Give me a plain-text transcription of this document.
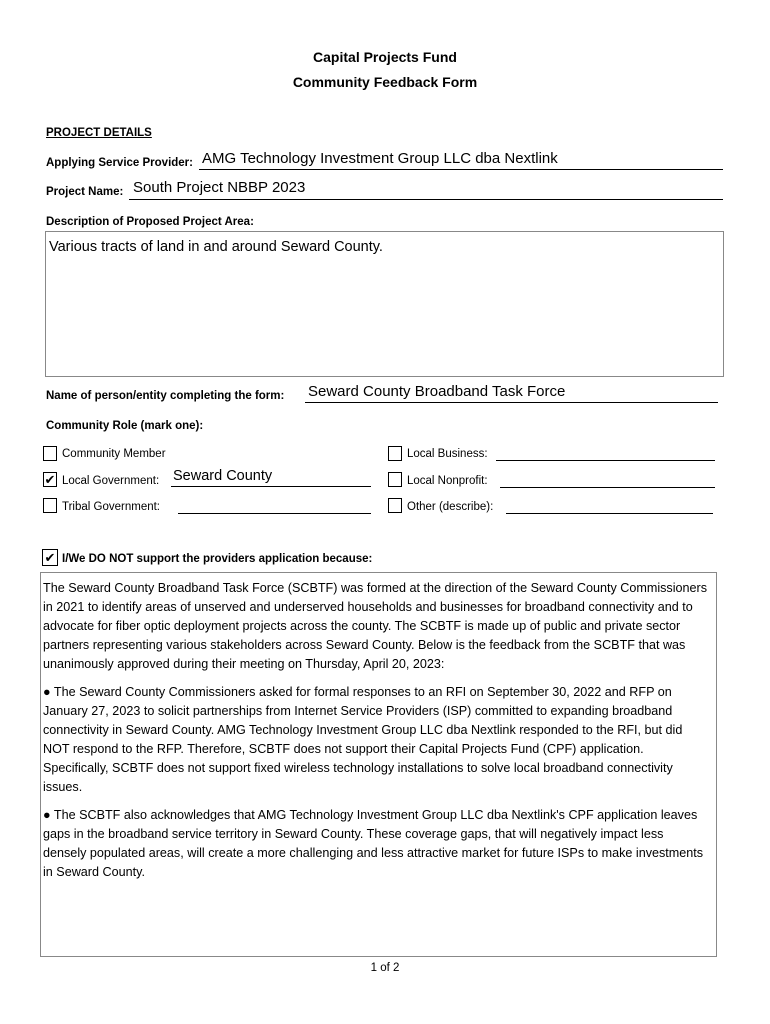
Capital Projects Fund
Community Feedback Form
PROJECT DETAILS
Applying Service Provider: AMG Technology Investment Group LLC dba Nextlink
Project Name: South Project NBBP 2023
Description of Proposed Project Area:
Various tracts of land in and around Seward County.
Name of person/entity completing the form: Seward County Broadband Task Force
Community Role (mark one):
Community Member
✔ Local Government: Seward County
Tribal Government:
Local Business:
Local Nonprofit:
Other (describe):
✔ I/We DO NOT support the providers application because:

The Seward County Broadband Task Force (SCBTF) was formed at the direction of the Seward County Commissioners in 2021 to identify areas of unserved and underserved households and businesses for broadband connectivity and to advocate for fiber optic deployment projects across the county. The SCBTF is made up of public and private sector partners representing various stakeholders across Seward County. Below is the feedback from the SCBTF that was unanimously approved during their meeting on Thursday, April 20, 2023:

● The Seward County Commissioners asked for formal responses to an RFI on September 30, 2022 and RFP on January 27, 2023 to solicit partnerships from Internet Service Providers (ISP) committed to expanding broadband connectivity in Seward County. AMG Technology Investment Group LLC dba Nextlink responded to the RFI, but did NOT respond to the RFP. Therefore, SCBTF does not support their Capital Projects Fund (CPF) application. Specifically, SCBTF does not support fixed wireless technology installations to solve local broadband connectivity issues.

● The SCBTF also acknowledges that AMG Technology Investment Group LLC dba Nextlink's CPF application leaves gaps in the broadband service territory in Seward County. These coverage gaps, that will negatively impact less densely populated areas, will create a more challenging and less attractive market for future ISPs to make investments in Seward County.

1 of 2
